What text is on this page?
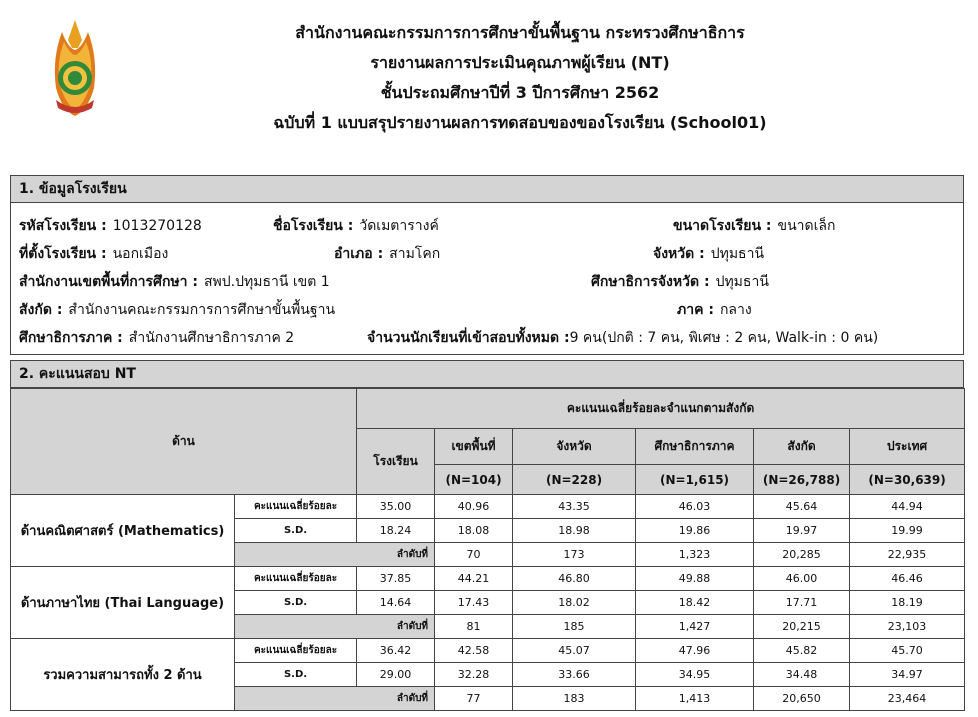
สำนักงานคณะกรรมการการศึกษาขั้นพื้นฐาน กระทรวงศึกษาธิการ
รายงานผลการประเมินคุณภาพผู้เรียน (NT)
ชั้นประถมศึกษาปีที่ 3 ปีการศึกษา 2562
ฉบับที่ 1 แบบสรุปรายงานผลการทดสอบของของโรงเรียน (School01)
1. ข้อมูลโรงเรียน
รหัสโรงเรียน : 1013270128	ชื่อโรงเรียน : วัดเมตารางค์	ขนาดโรงเรียน : ขนาดเล็ก
ที่ตั้งโรงเรียน : นอกเมือง	อำเภอ : สามโคก	จังหวัด : ปทุมธานี
สำนักงานเขตพื้นที่การศึกษา : สพป.ปทุมธานี เขต 1	ศึกษาธิการจังหวัด : ปทุมธานี
สังกัด : สำนักงานคณะกรรมการการศึกษาขั้นพื้นฐาน	ภาค : กลาง
ศึกษาธิการภาค : สำนักงานศึกษาธิการภาค 2	จำนวนนักเรียนที่เข้าสอบทั้งหมด :9 คน(ปกติ : 7 คน, พิเศษ : 2 คน, Walk-in : 0 คน)
2. คะแนนสอบ NT
ด้าน		คะแนนเฉลี่ยร้อยละจำแนกตามสังกัด					
		โรงเรียน	เขตพื้นที่	จังหวัด	ศึกษาธิการภาค	สังกัด	ประเทศ
			(N=104)	(N=228)	(N=1,615)	(N=26,788)	(N=30,639)
ด้านคณิตศาสตร์ (Mathematics)	คะแนนเฉลี่ยร้อยละ	35.00	40.96	43.35	46.03	45.64	44.94
	S.D.	18.24	18.08	18.98	19.86	19.97	19.99
	ลำดับที่		70	173	1,323	20,285	22,935
ด้านภาษาไทย (Thai Language)	คะแนนเฉลี่ยร้อยละ	37.85	44.21	46.80	49.88	46.00	46.46
	S.D.	14.64	17.43	18.02	18.42	17.71	18.19
	ลำดับที่		81	185	1,427	20,215	23,103
รวมความสามารถทั้ง 2 ด้าน	คะแนนเฉลี่ยร้อยละ	36.42	42.58	45.07	47.96	45.82	45.70
	S.D.	29.00	32.28	33.66	34.95	34.48	34.97
	ลำดับที่		77	183	1,413	20,650	23,464
